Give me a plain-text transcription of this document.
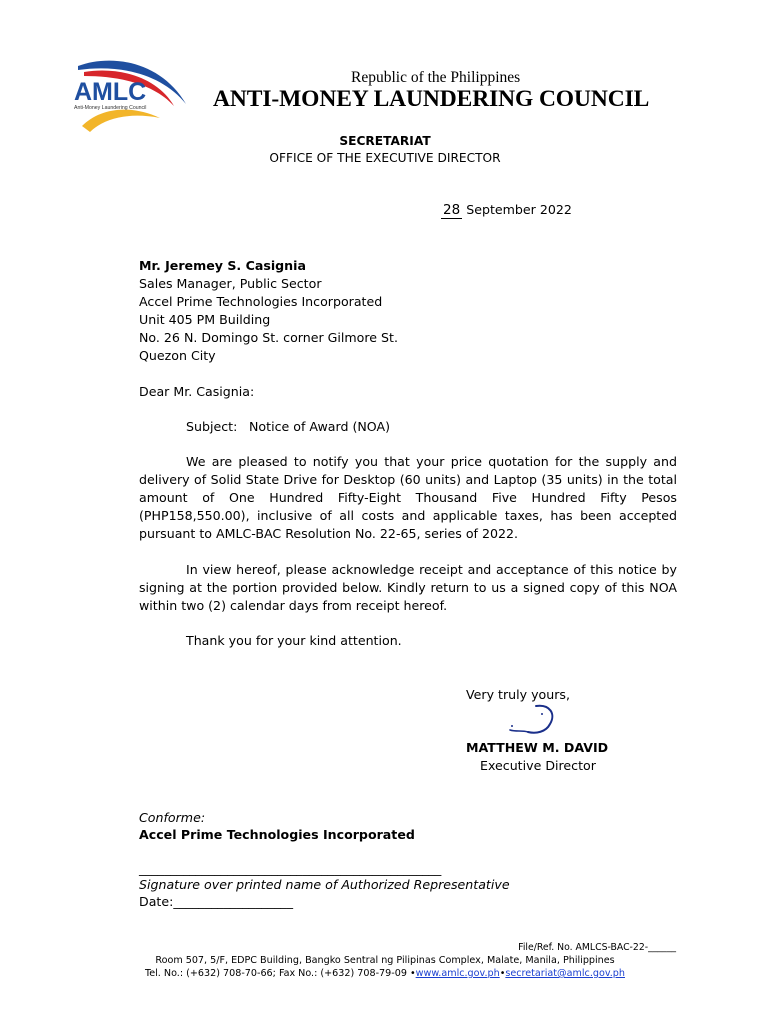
AMLC
Anti-Money Laundering Council
Republic of the Philippines
ANTI-MONEY LAUNDERING COUNCIL
SECRETARIAT
OFFICE OF THE EXECUTIVE DIRECTOR
28 September 2022
Mr. Jeremey S. Casignia
Sales Manager, Public Sector
Accel Prime Technologies Incorporated
Unit 405 PM Building
No. 26 N. Domingo St. corner Gilmore St.
Quezon City
Dear Mr. Casignia:
Subject: Notice of Award (NOA)
We are pleased to notify you that your price quotation for the supply and delivery of Solid State Drive for Desktop (60 units) and Laptop (35 units) in the total amount of One Hundred Fifty-Eight Thousand Five Hundred Fifty Pesos (PHP158,550.00), inclusive of all costs and applicable taxes, has been accepted pursuant to AMLC-BAC Resolution No. 22-65, series of 2022.
In view hereof, please acknowledge receipt and acceptance of this notice by signing at the portion provided below. Kindly return to us a signed copy of this NOA within two (2) calendar days from receipt hereof.
Thank you for your kind attention.
Very truly yours,
MATTHEW M. DAVID
Executive Director
Conforme:
Accel Prime Technologies Incorporated
________________________________________________
Signature over printed name of Authorized Representative
Date:___________________
File/Ref. No. AMLCS-BAC-22-______
Room 507, 5/F, EDPC Building, Bangko Sentral ng Pilipinas Complex, Malate, Manila, Philippines
Tel. No.: (+632) 708-70-66; Fax No.: (+632) 708-79-09 •www.amlc.gov.ph•secretariat@amlc.gov.ph
